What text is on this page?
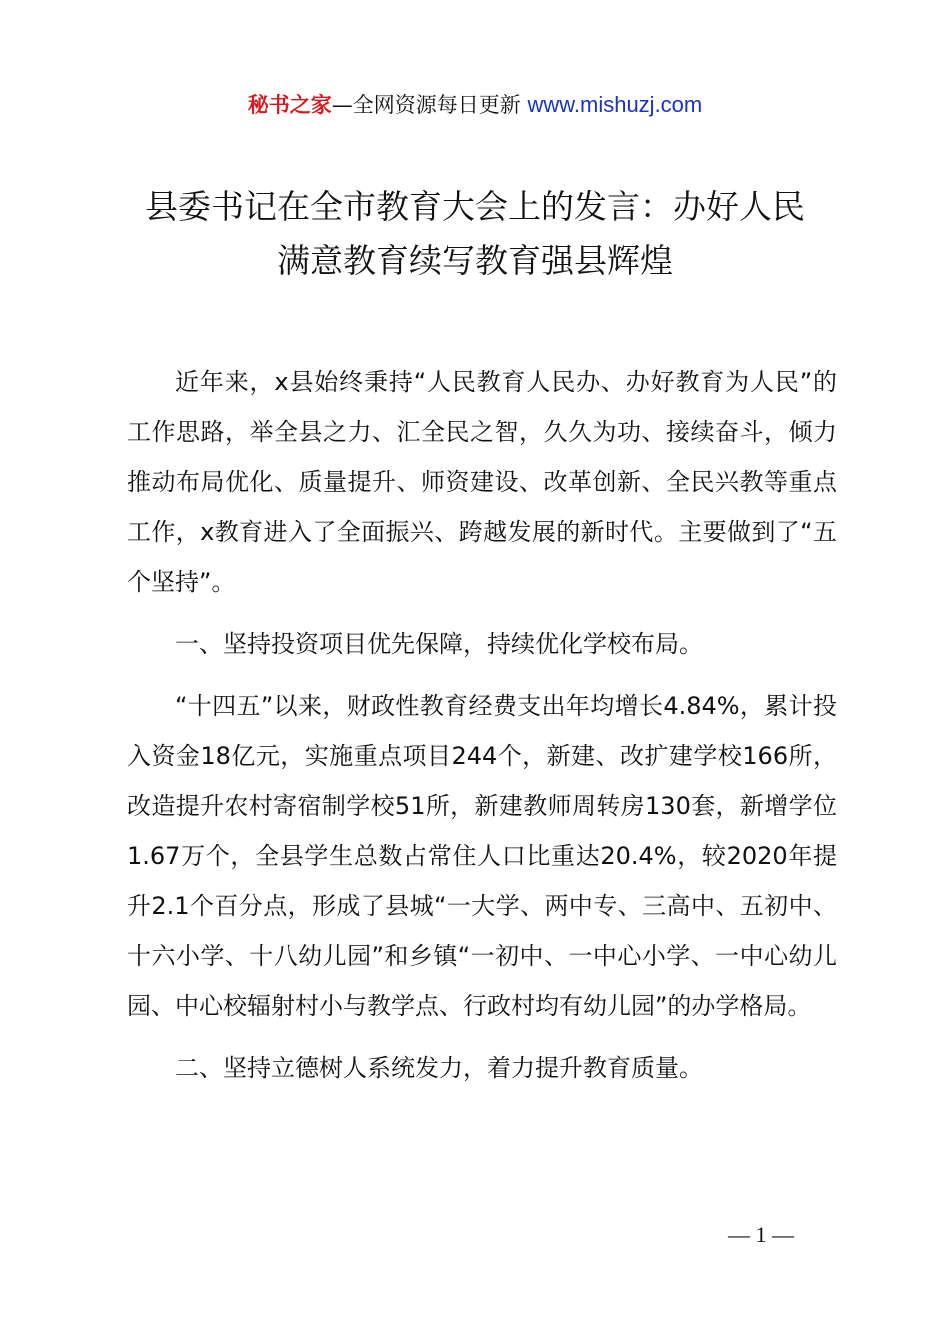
秘书之家—全网资源每日更新 www.mishuzj.com
县委书记在全市教育大会上的发言：办好人民
满意教育续写教育强县辉煌

近年来，x县始终秉持“人民教育人民办、办好教育为人民”的工作思路，举全县之力、汇全民之智，久久为功、接续奋斗，倾力推动布局优化、质量提升、师资建设、改革创新、全民兴教等重点工作，x教育进入了全面振兴、跨越发展的新时代。主要做到了“五个坚持”。

一、坚持投资项目优先保障，持续优化学校布局。

“十四五”以来，财政性教育经费支出年均增长4.84%，累计投入资金18亿元，实施重点项目244个，新建、改扩建学校166所，改造提升农村寄宿制学校51所，新建教师周转房130套，新增学位1.67万个，全县学生总数占常住人口比重达20.4%，较2020年提升2.1个百分点，形成了县城“一大学、两中专、三高中、五初中、十六小学、十八幼儿园”和乡镇“一初中、一中心小学、一中心幼儿园、中心校辐射村小与教学点、行政村均有幼儿园”的办学格局。

二、坚持立德树人系统发力，着力提升教育质量。

— 1 —
